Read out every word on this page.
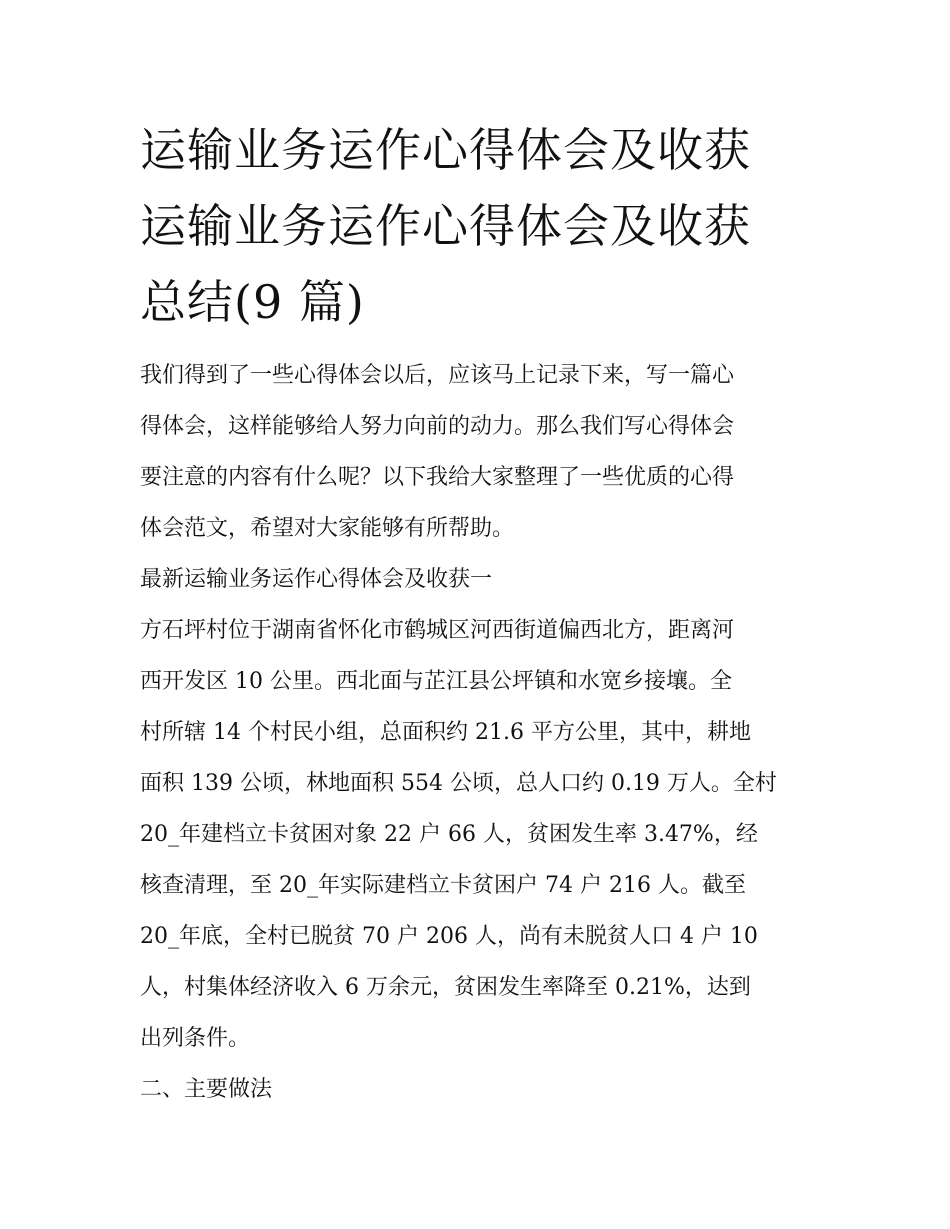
运输业务运作心得体会及收获
运输业务运作心得体会及收获
总结(9 篇)

我们得到了一些心得体会以后，应该马上记录下来，写一篇心
得体会，这样能够给人努力向前的动力。那么我们写心得体会
要注意的内容有什么呢？以下我给大家整理了一些优质的心得
体会范文，希望对大家能够有所帮助。

最新运输业务运作心得体会及收获一

方石坪村位于湖南省怀化市鹤城区河西街道偏西北方，距离河
西开发区 10 公里。西北面与芷江县公坪镇和水宽乡接壤。全
村所辖 14 个村民小组，总面积约 21.6 平方公里，其中，耕地
面积 139 公顷，林地面积 554 公顷，总人口约 0.19 万人。全村
20_年建档立卡贫困对象 22 户 66 人，贫困发生率 3.47%，经
核查清理，至 20_年实际建档立卡贫困户 74 户 216 人。截至
20_年底，全村已脱贫 70 户 206 人，尚有未脱贫人口 4 户 10
人，村集体经济收入 6 万余元，贫困发生率降至 0.21%，达到
出列条件。

二、主要做法
